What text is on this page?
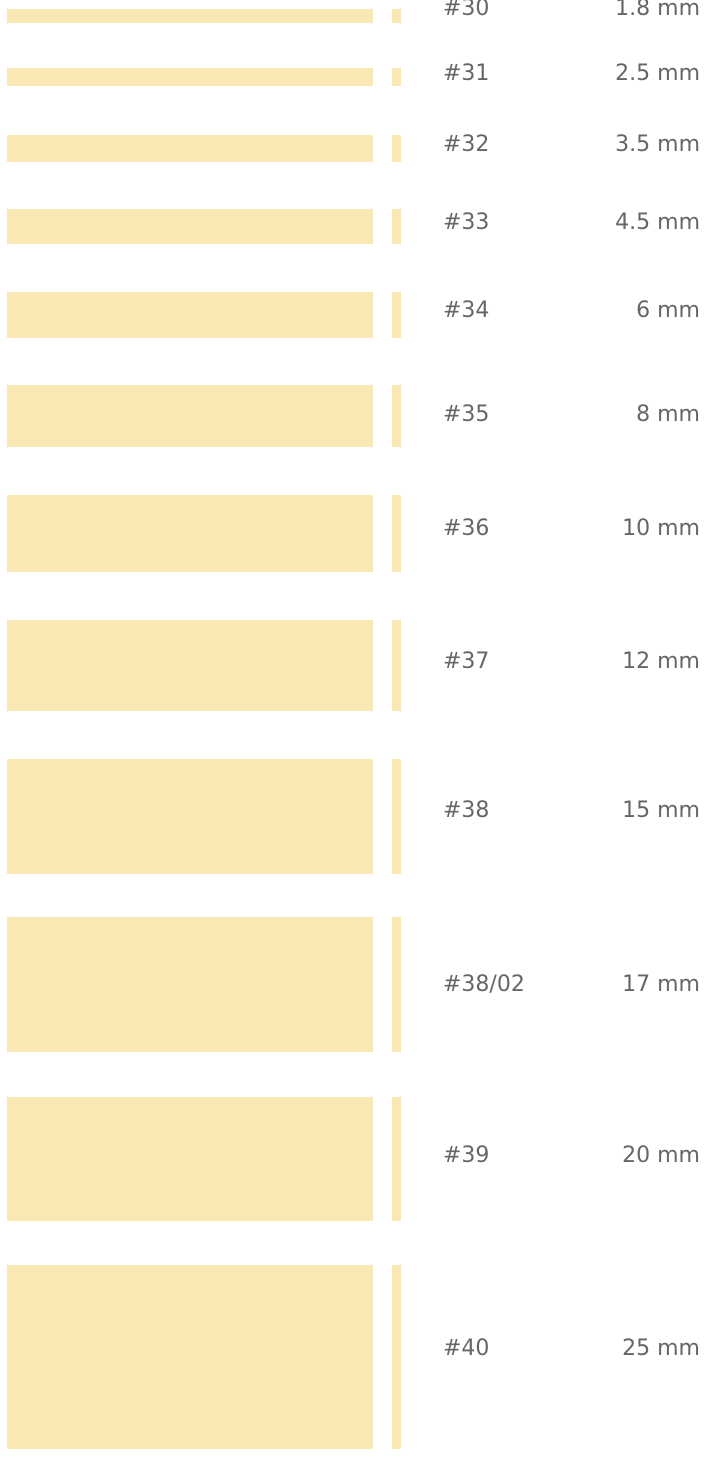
#30	1.8 mm
#31	2.5 mm
#32	3.5 mm
#33	4.5 mm
#34	6 mm
#35	8 mm
#36	10 mm
#37	12 mm
#38	15 mm
#38/02	17 mm
#39	20 mm
#40	25 mm
